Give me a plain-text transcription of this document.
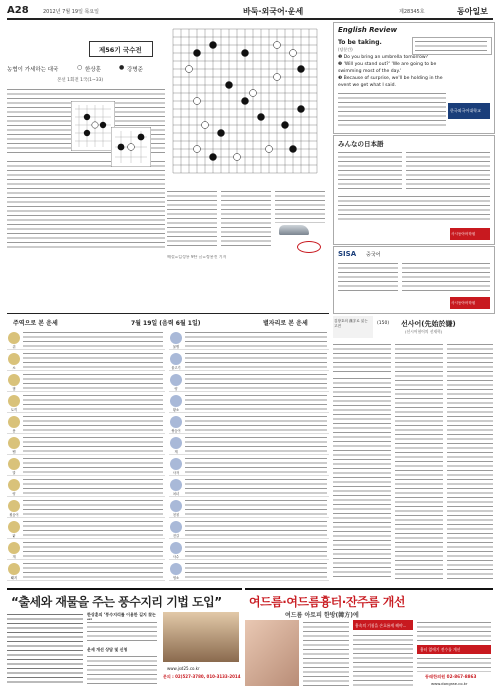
A28	2012년 7월 19일 목요일	바둑·외국어·운세	제28345호	동아일보
제56기 국수전
농협이 가세하는 대국	○ 한상훈	● 강병준
본선 1회전 1국(1~33)
해설=김성룡 9단 글=정용진 기자
English Review
To be taking.
(당분간)
❶ Do you bring an umbrella tomorrow?
❷ 'Will you stand out?' 'We are going to be
swimming most of the day.'
❸ Because of surprise, we'll be holding in the
event we get what I said.
한국외국어대학교
みんなの日本語
사시동아어학원
SISA 중국어
사시동아어학원
주역으로 본 운세	7월 19일 (음력 6월 1일)	별자리로 본 운세
쥐
소
범
토끼
용
뱀
말
양
원숭이
닭
개
돼지
물병
물고기
양
황소
쌍둥이
게
사자
처녀
천칭
전갈
사수
염소
김창호의 漢字로 읽는 고전	(150) 선사어(先始於嫌)
(선시어혐어의 선재혁)
“출세와 재물을 주는 풍수지리 기법 도입”
한상훈의 ‘풍수지리를 이용한 길지 찾는
운세 개선 상담 및 신청
www.jsd25.co.kr
문의 : 02)527-3780, 010-3133-2014
여드름·여드름흉터·잔주름 개선
여드름 아토피 한방(韓方)에
흉속의 기침을 손흐름게 해야...
흉터 없애기 전수를 개선
동래한의원 02-867-8863
www.dongrae.co.kr
